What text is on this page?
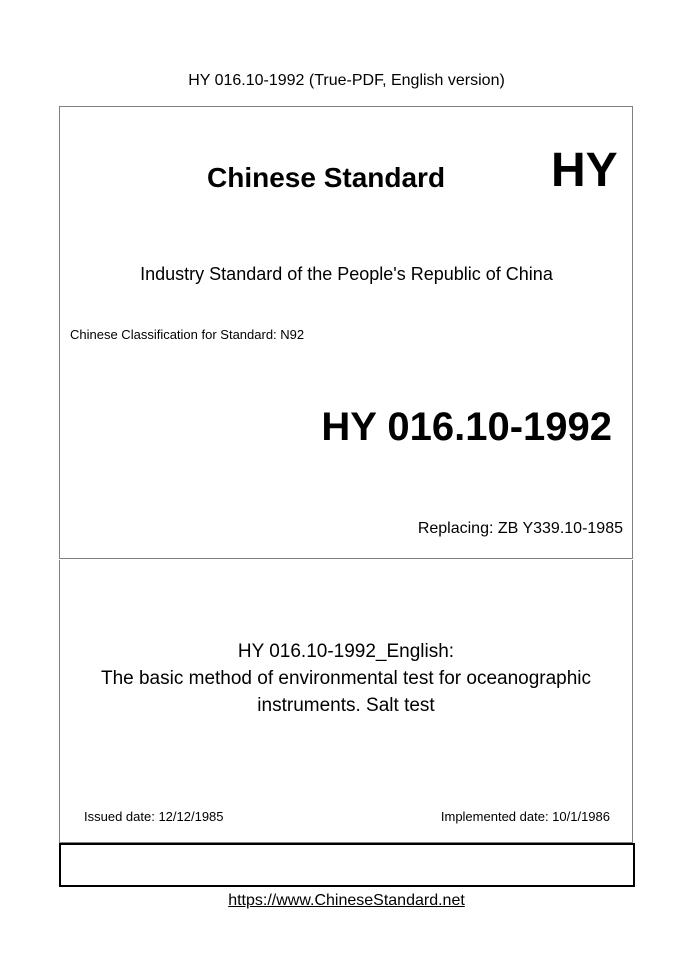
HY 016.10-1992 (True-PDF, English version)
Chinese Standard HY
Industry Standard of the People's Republic of China
Chinese Classification for Standard: N92
HY 016.10-1992
Replacing: ZB Y339.10-1985
HY 016.10-1992_English:
The basic method of environmental test for oceanographic
instruments. Salt test
Issued date: 12/12/1985	Implemented date: 10/1/1986
https://www.ChineseStandard.net
